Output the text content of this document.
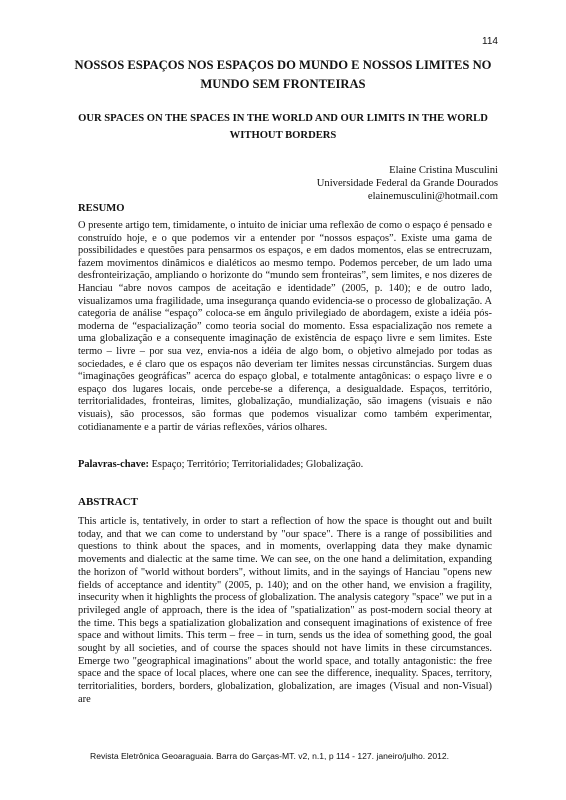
114
NOSSOS ESPAÇOS NOS ESPAÇOS DO MUNDO E NOSSOS LIMITES NO MUNDO SEM FRONTEIRAS
OUR SPACES ON THE SPACES IN THE WORLD AND OUR LIMITS IN THE WORLD WITHOUT BORDERS
Elaine Cristina Musculini
Universidade Federal da Grande Dourados
elainemusculini@hotmail.com
RESUMO
O presente artigo tem, timidamente, o intuito de iniciar uma reflexão de como o espaço é pensado e construído hoje, e o que podemos vir a entender por “nossos espaços”. Existe uma gama de possibilidades e questões para pensarmos os espaços, e em dados momentos, elas se entrecruzam, fazem movimentos dinâmicos e dialéticos ao mesmo tempo. Podemos perceber, de um lado uma desfronteirização, ampliando o horizonte do “mundo sem fronteiras”, sem limites, e nos dizeres de Hanciau “abre novos campos de aceitação e identidade” (2005, p. 140); e de outro lado, visualizamos uma fragilidade, uma insegurança quando evidencia-se o processo de globalização. A categoria de análise “espaço” coloca-se em ângulo privilegiado de abordagem, existe a idéia pós-moderna de “espacialização” como teoria social do momento. Essa espacialização nos remete a uma globalização e a consequente imaginação de existência de espaço livre e sem limites. Este termo – livre – por sua vez, envia-nos a idéia de algo bom, o objetivo almejado por todas as sociedades, e é claro que os espaços não deveriam ter limites nessas circunstâncias. Surgem duas “imaginações geográficas” acerca do espaço global, e totalmente antagônicas: o espaço livre e o espaço dos lugares locais, onde percebe-se a diferença, a desigualdade. Espaços, território, territorialidades, fronteiras, limites, globalização, mundialização, são imagens (visuais e não visuais), são processos, são formas que podemos visualizar como também experimentar, cotidianamente e a partir de várias reflexões, vários olhares.
Palavras-chave: Espaço; Território; Territorialidades; Globalização.
ABSTRACT
This article is, tentatively, in order to start a reflection of how the space is thought out and built today, and that we can come to understand by "our space". There is a range of possibilities and questions to think about the spaces, and in moments, overlapping data they make dynamic movements and dialectic at the same time. We can see, on the one hand a delimitation, expanding the horizon of "world without borders", without limits, and in the sayings of Hanciau "opens new fields of acceptance and identity" (2005, p. 140); and on the other hand, we envision a fragility, insecurity when it highlights the process of globalization. The analysis category "space" we put in a privileged angle of approach, there is the idea of "spatialization" as post-modern social theory at the time. This begs a spatialization globalization and consequent imaginations of existence of free space and without limits. This term – free – in turn, sends us the idea of something good, the goal sought by all societies, and of course the spaces should not have limits in these circumstances. Emerge two "geographical imaginations" about the world space, and totally antagonistic: the free space and the space of local places, where one can see the difference, inequality. Spaces, territory, territorialities, borders, borders, globalization, globalization, are images (Visual and non-Visual) are
Revista Eletrônica Geoaraguaia. Barra do Garças-MT. v2, n.1, p 114 - 127. janeiro/julho. 2012.
